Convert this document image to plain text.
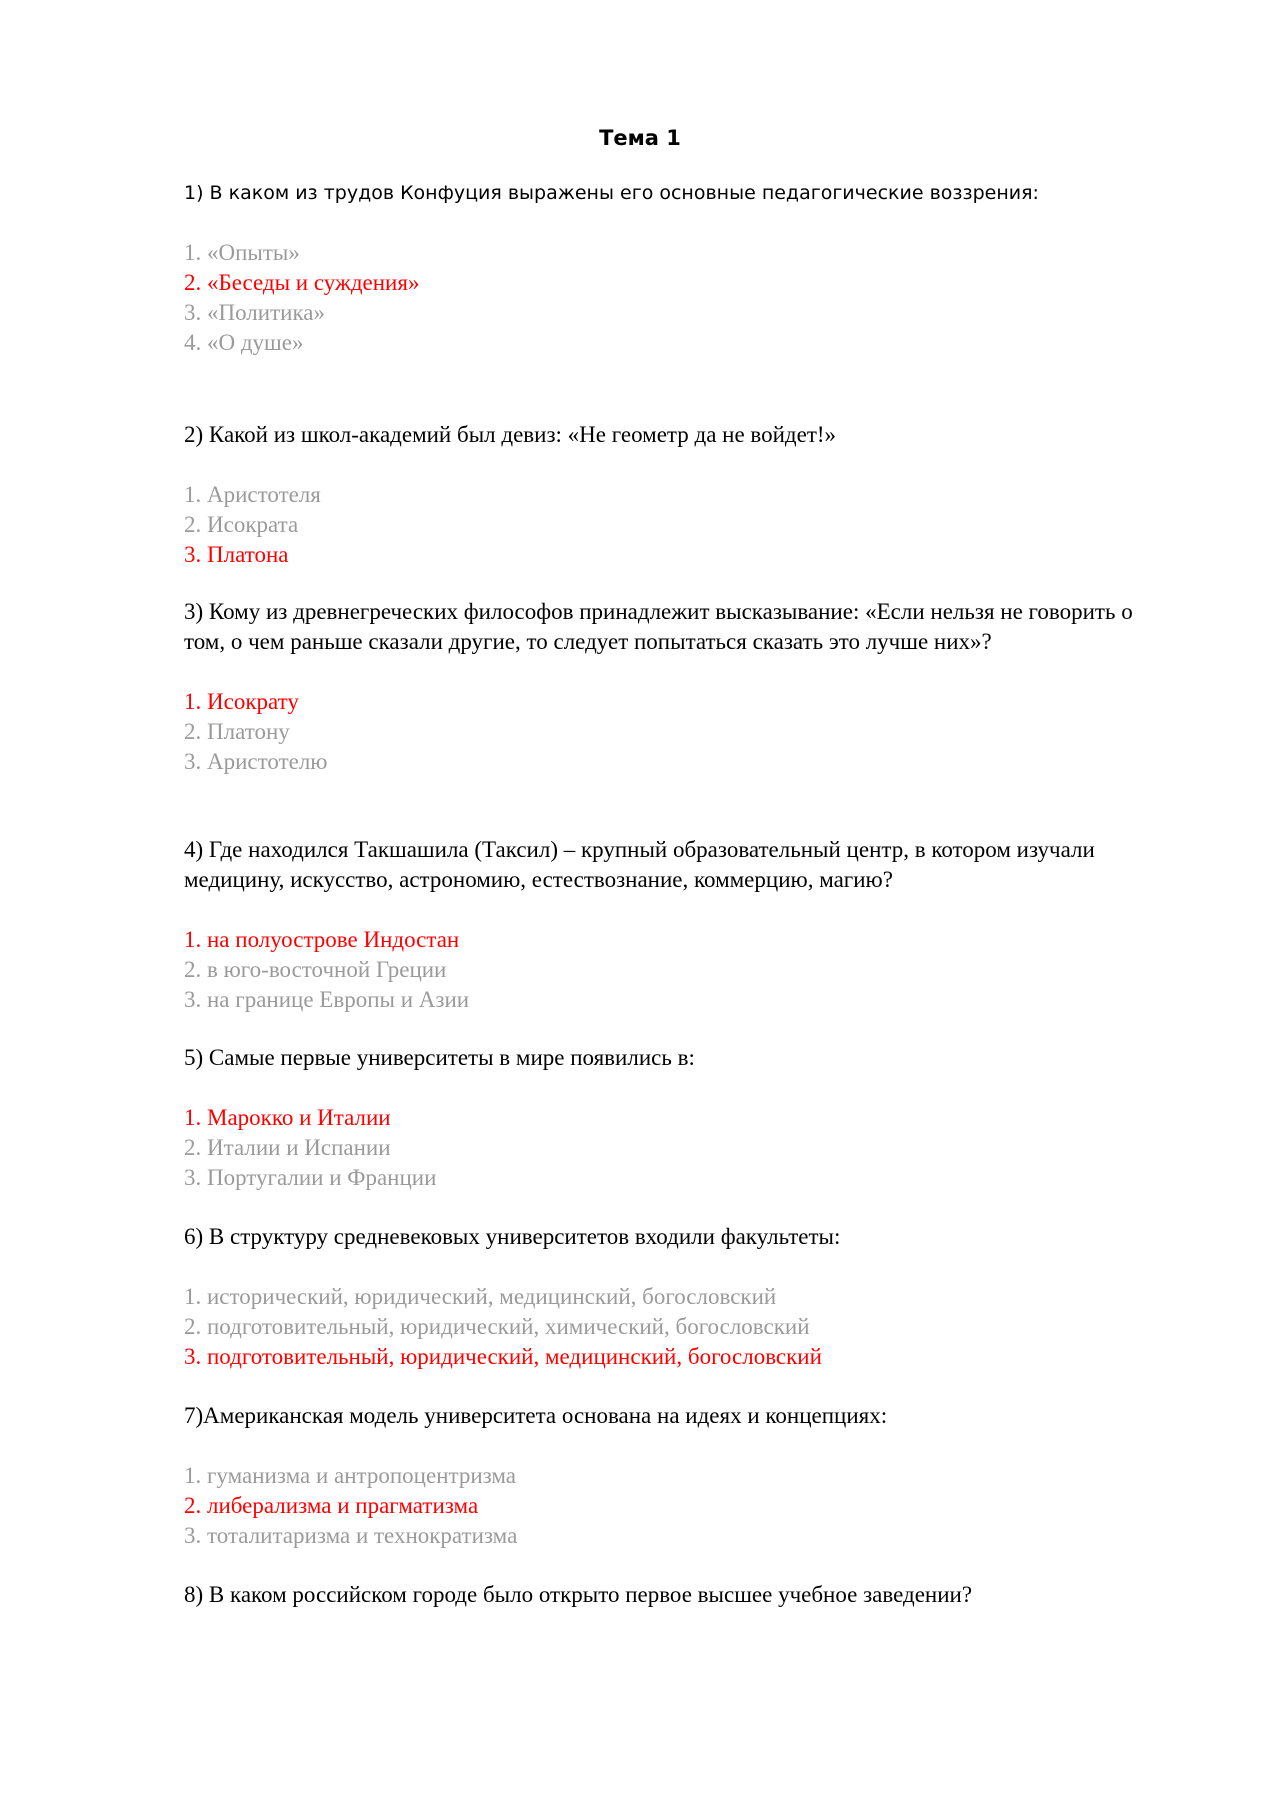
Тема 1
1) В каком из трудов Конфуция выражены его основные педагогические воззрения:
1. «Опыты»
2. «Беседы и суждения»
3. «Политика»
4. «О душе»
2) Какой из школ-академий был девиз: «Не геометр да не войдет!»
1. Аристотеля
2. Исократа
3. Платона
3) Кому из древнегреческих философов принадлежит высказывание: «Если нельзя не говорить о том, о чем раньше сказали другие, то следует попытаться сказать это лучше них»?
1. Исократу
2. Платону
3. Аристотелю
4) Где находился Такшашила (Таксил) – крупный образовательный центр, в котором изучали медицину, искусство, астрономию, естествознание, коммерцию, магию?
1. на полуострове Индостан
2. в юго-восточной Греции
3. на границе Европы и Азии
5) Самые первые университеты в мире появились в:
1. Марокко и Италии
2. Италии и Испании
3. Португалии и Франции
6) В структуру средневековых университетов входили факультеты:
1. исторический, юридический, медицинский, богословский
2. подготовительный, юридический, химический, богословский
3. подготовительный, юридический, медицинский, богословский
7)Американская модель университета основана на идеях и концепциях:
1. гуманизма и антропоцентризма
2. либерализма и прагматизма
3. тоталитаризма и технократизма
8) В каком российском городе было открыто первое высшее учебное заведении?
